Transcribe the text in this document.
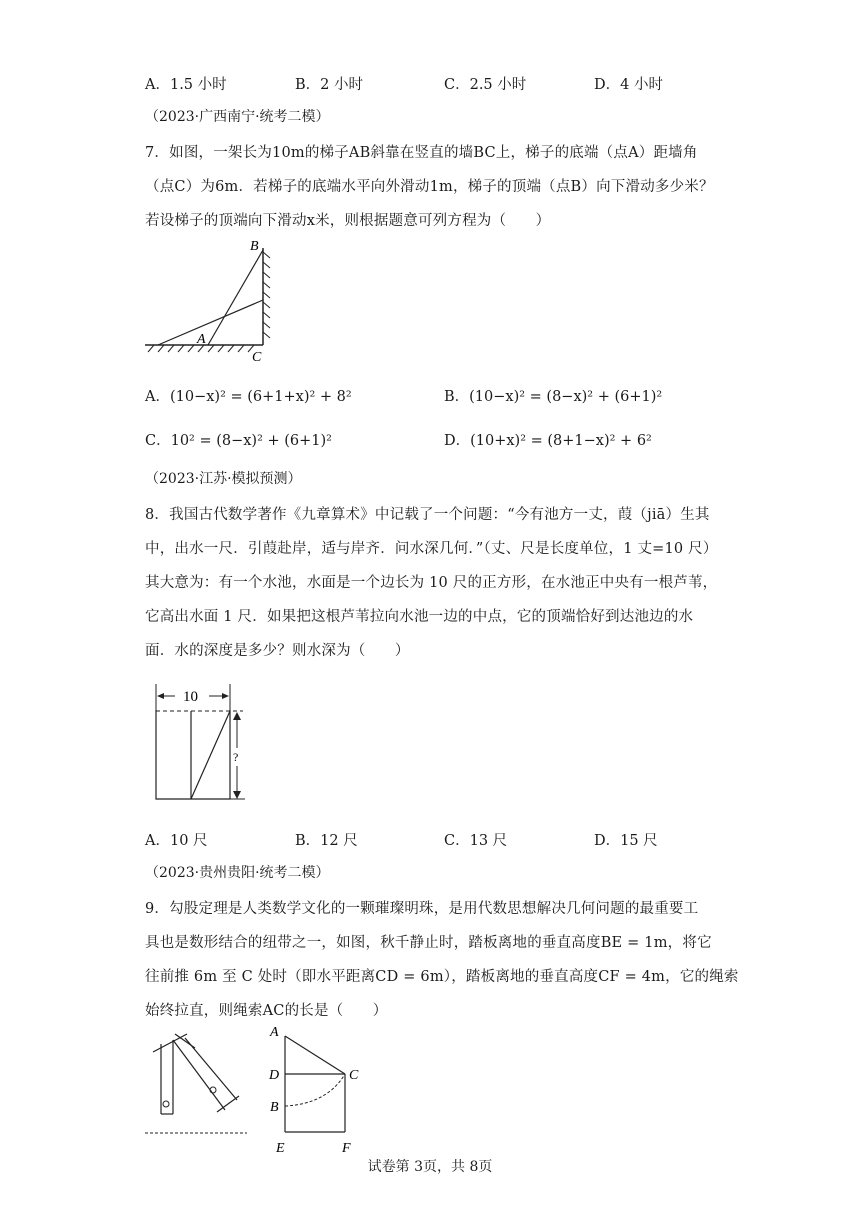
A．1.5 小时	B．2 小时	C．2.5 小时	D．4 小时
（2023·广西南宁·统考二模）
7．如图，一架长为10m的梯子AB斜靠在竖直的墙BC上，梯子的底端（点A）距墙角
（点C）为6m．若梯子的底端水平向外滑动1m，梯子的顶端（点B）向下滑动多少米？
若设梯子的顶端向下滑动x米，则根据题意可列方程为（　　）
B
A
C
A．(10−x)² = (6+1+x)² + 8²	B．(10−x)² = (8−x)² + (6+1)²
C．10² = (8−x)² + (6+1)²	D．(10+x)² = (8+1−x)² + 6²
（2023·江苏·模拟预测）
8．我国古代数学著作《九章算术》中记载了一个问题：“今有池方一丈，葭（jiā）生其
中，出水一尺．引葭赴岸，适与岸齐．问水深几何．”（丈、尺是长度单位，1 丈=10 尺）
其大意为：有一个水池，水面是一个边长为 10 尺的正方形，在水池正中央有一根芦苇，
它高出水面 1 尺．如果把这根芦苇拉向水池一边的中点，它的顶端恰好到达池边的水
面．水的深度是多少？则水深为（　　）
10
?
A．10 尺	B．12 尺	C．13 尺	D．15 尺
（2023·贵州贵阳·统考二模）
9．勾股定理是人类数学文化的一颗璀璨明珠，是用代数思想解决几何问题的最重要工
具也是数形结合的纽带之一，如图，秋千静止时，踏板离地的垂直高度BE = 1m，将它
往前推 6m 至 C 处时（即水平距离CD = 6m），踏板离地的垂直高度CF = 4m，它的绳索
始终拉直，则绳索AC的长是（　　）
A
D	C
B
E	F
试卷第 3页，共 8页
